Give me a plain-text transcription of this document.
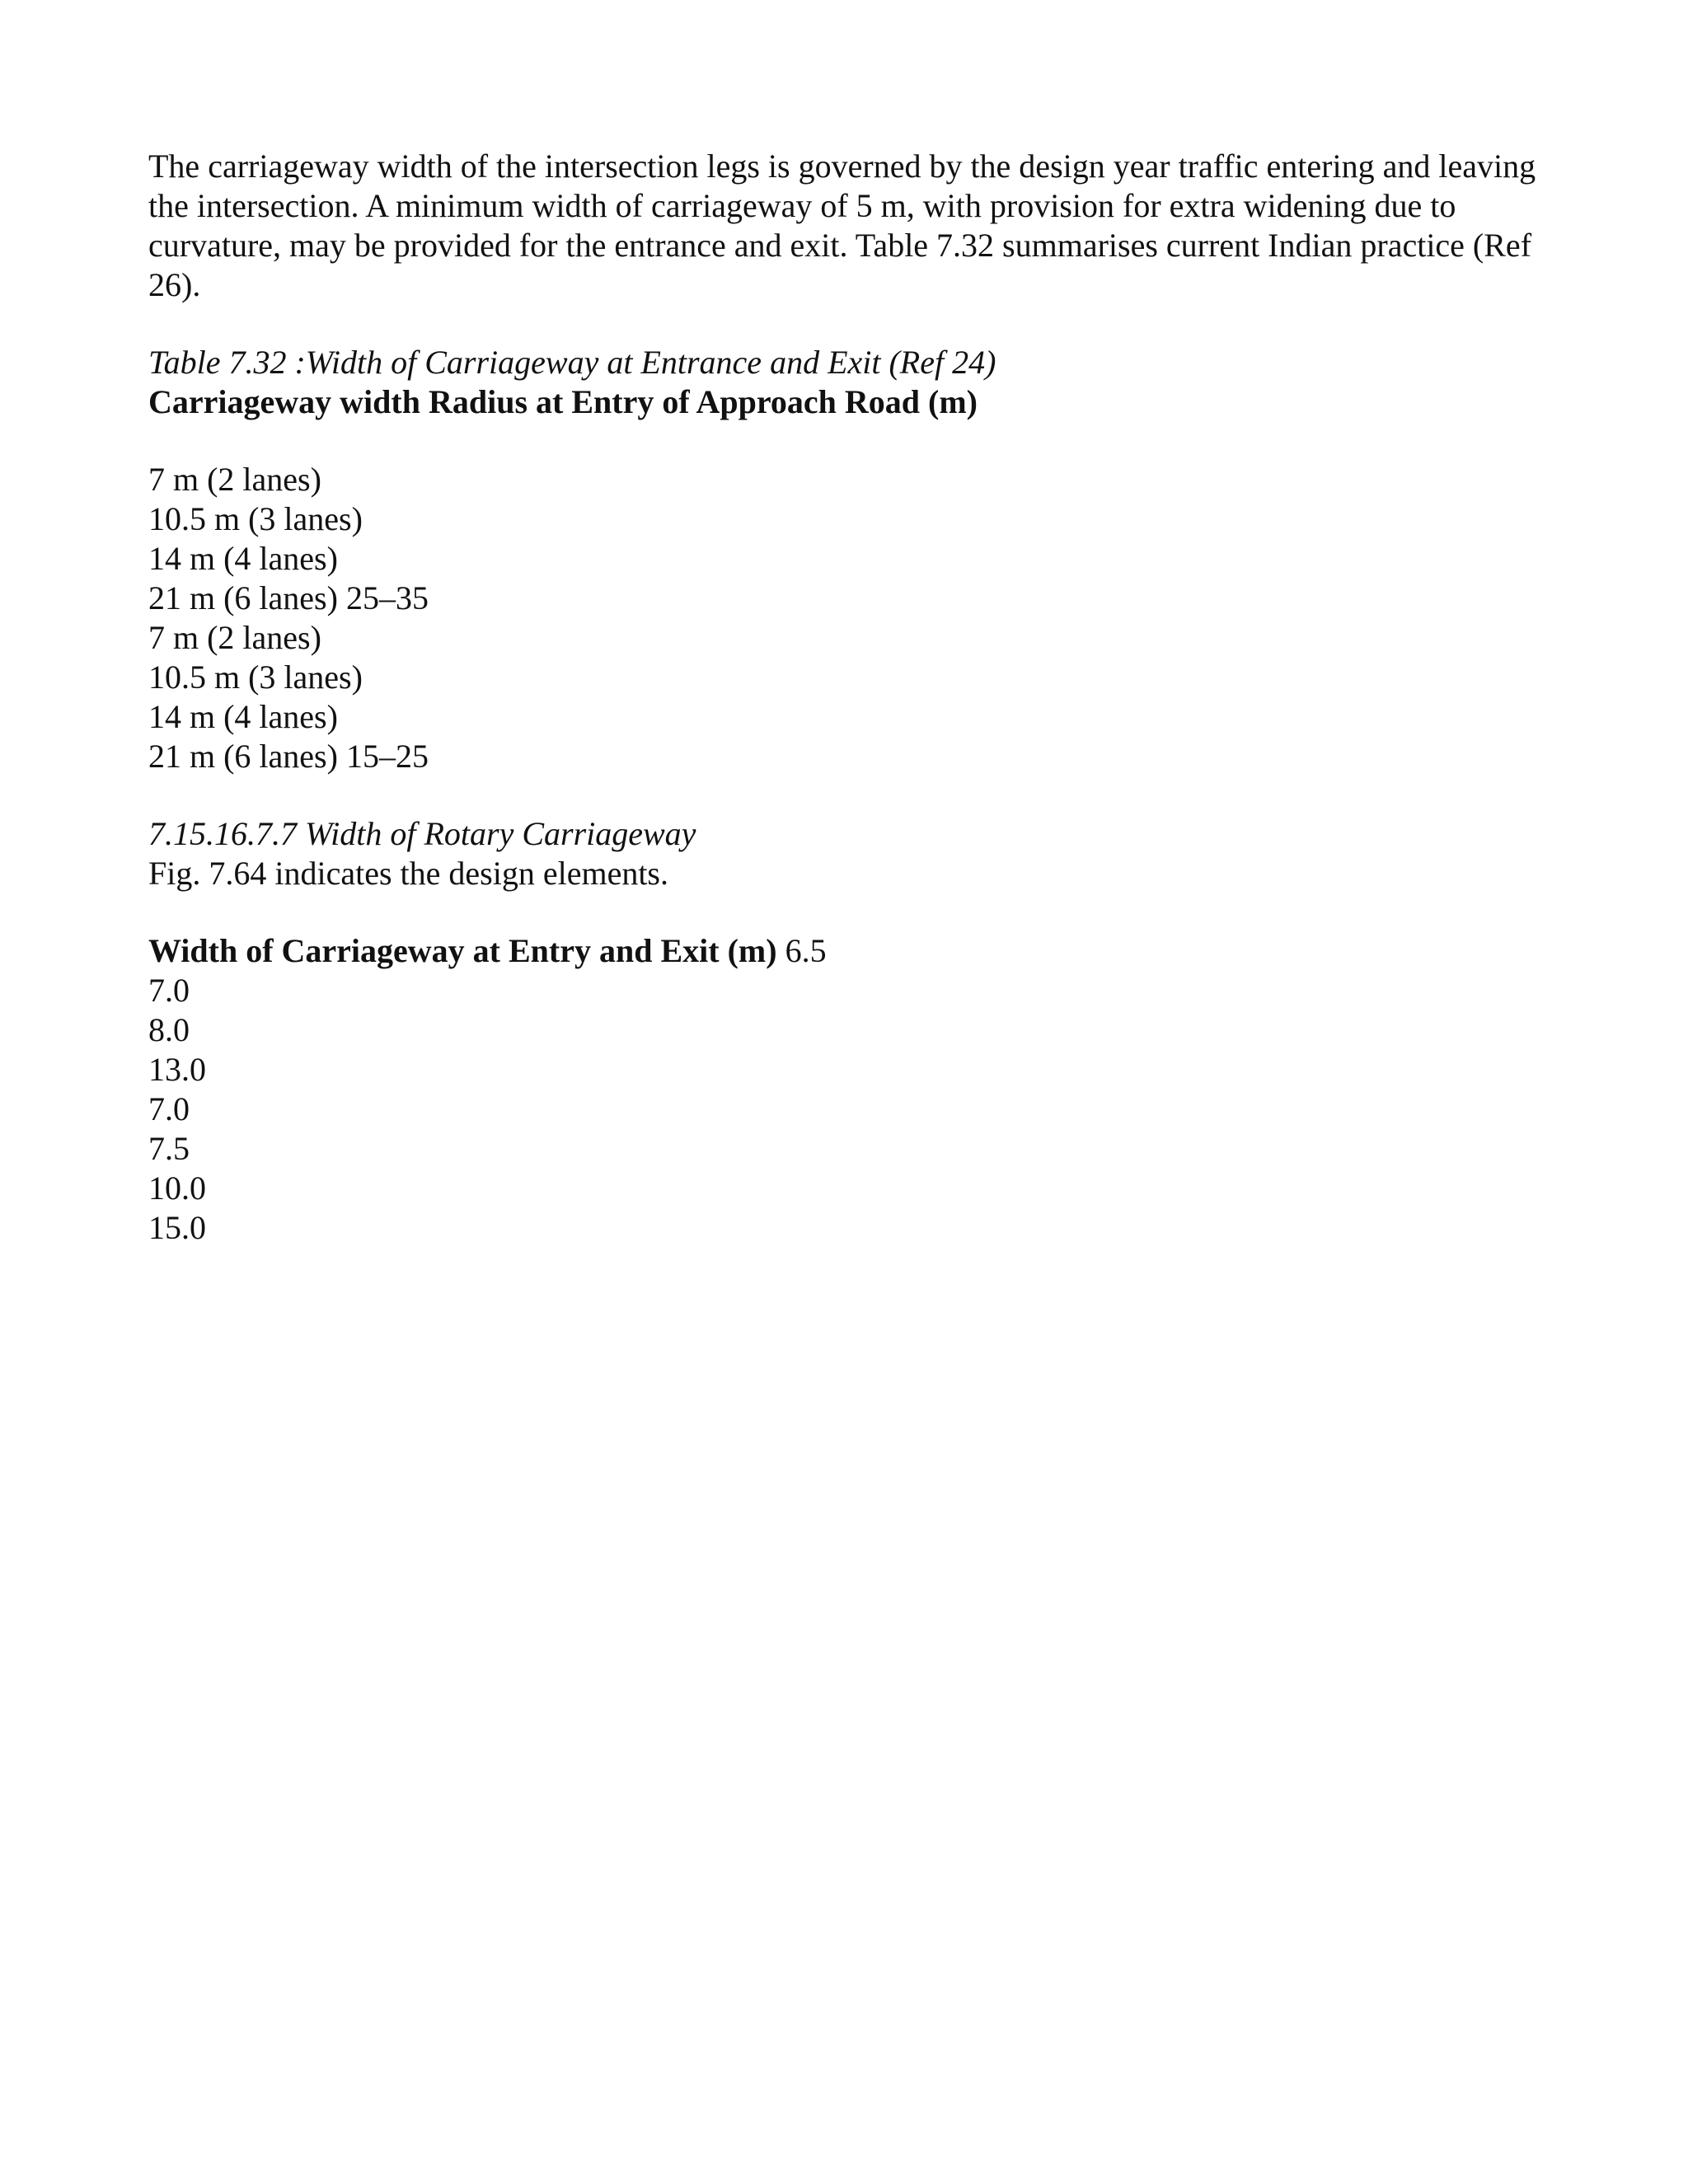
The carriageway width of the intersection legs is governed by the design year traffic entering and leaving the intersection. A minimum width of carriageway of 5 m, with provision for extra widening due to curvature, may be provided for the entrance and exit. Table 7.32 summarises current Indian practice (Ref 26).

Table 7.32 :Width of Carriageway at Entrance and Exit (Ref 24)

Carriageway width Radius at Entry of Approach Road (m)

7 m (2 lanes)

10.5 m (3 lanes)

14 m (4 lanes)

21 m (6 lanes) 25–35

7 m (2 lanes)

10.5 m (3 lanes)

14 m (4 lanes)

21 m (6 lanes) 15–25

7.15.16.7.7 Width of Rotary Carriageway

Fig. 7.64 indicates the design elements.

Width of Carriageway at Entry and Exit (m) 6.5

7.0

8.0

13.0

7.0

7.5

10.0

15.0
